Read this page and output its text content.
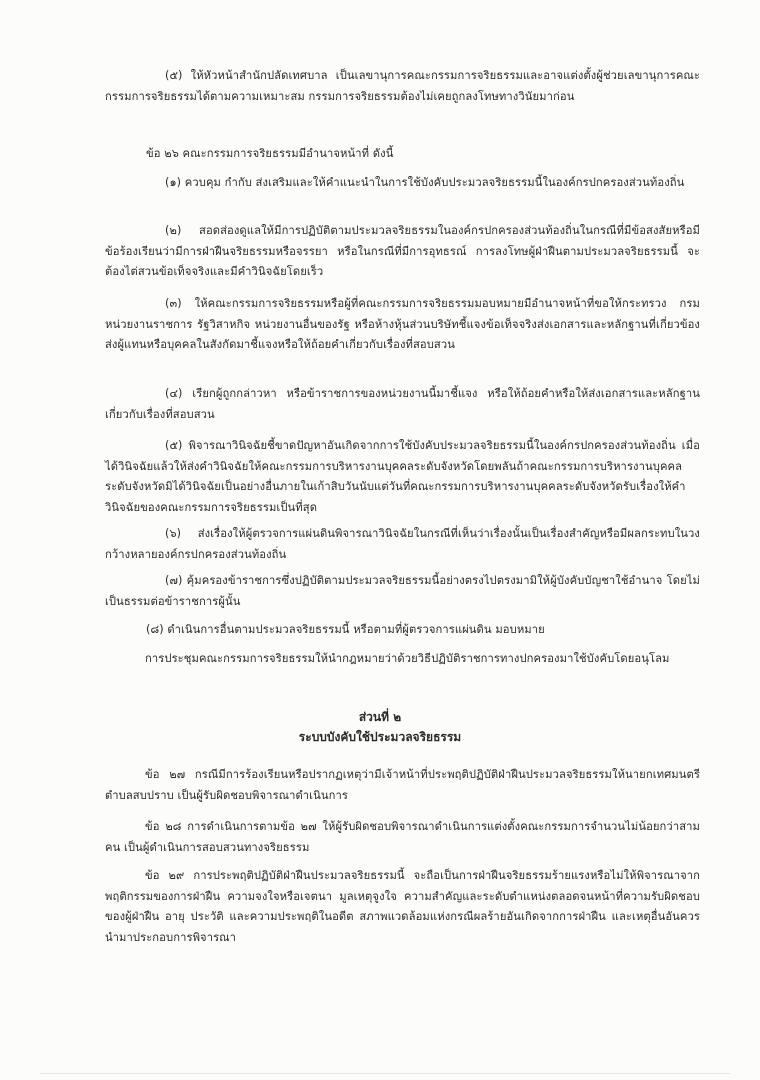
(๕) ให้หัวหน้าสำนักปลัดเทศบาล เป็นเลขานุการคณะกรรมการจริยธรรมและอาจแต่งตั้งผู้ช่วยเลขานุการคณะกรรมการจริยธรรมได้ตามความเหมาะสม กรรมการจริยธรรมต้องไม่เคยถูกลงโทษทางวินัยมาก่อน

ข้อ ๒๖ คณะกรรมการจริยธรรมมีอำนาจหน้าที่ ดังนี้

(๑) ควบคุม กำกับ ส่งเสริมและให้คำแนะนำในการใช้บังคับประมวลจริยธรรมนี้ในองค์กรปกครองส่วนท้องถิ่น

(๒) สอดส่องดูแลให้มีการปฏิบัติตามประมวลจริยธรรมในองค์กรปกครองส่วนท้องถิ่นในกรณีที่มีข้อสงสัยหรือมีข้อร้องเรียนว่ามีการฝ่าฝืนจริยธรรมหรือจรรยา หรือในกรณีที่มีการอุทธรณ์ การลงโทษผู้ฝ่าฝืนตามประมวลจริยธรรมนี้ จะต้องไต่สวนข้อเท็จจริงและมีคำวินิจฉัยโดยเร็ว

(๓) ให้คณะกรรมการจริยธรรมหรือผู้ที่คณะกรรมการจริยธรรมมอบหมายมีอำนาจหน้าที่ขอให้กระทรวง กรม หน่วยงานราชการ รัฐวิสาหกิจ หน่วยงานอื่นของรัฐ หรือห้างหุ้นส่วนบริษัทชี้แจงข้อเท็จจริงส่งเอกสารและหลักฐานที่เกี่ยวข้อง ส่งผู้แทนหรือบุคคลในสังกัดมาชี้แจงหรือให้ถ้อยคำเกี่ยวกับเรื่องที่สอบสวน

(๔) เรียกผู้ถูกกล่าวหา หรือข้าราชการของหน่วยงานนี้มาชี้แจง หรือให้ถ้อยคำหรือให้ส่งเอกสารและหลักฐานเกี่ยวกับเรื่องที่สอบสวน

(๕) พิจารณาวินิจฉัยชี้ขาดปัญหาอันเกิดจากการใช้บังคับประมวลจริยธรรมนี้ในองค์กรปกครองส่วนท้องถิ่น เมื่อได้วินิจฉัยแล้วให้ส่งคำวินิจฉัยให้คณะกรรมการบริหารงานบุคคลระดับจังหวัดโดยพลันถ้าคณะกรรมการบริหารงานบุคคลระดับจังหวัดมิได้วินิจฉัยเป็นอย่างอื่นภายในเก้าสิบวันนับแต่วันที่คณะกรรมการบริหารงานบุคคลระดับจังหวัดรับเรื่องให้คำวินิจฉัยของคณะกรรมการจริยธรรมเป็นที่สุด

(๖) ส่งเรื่องให้ผู้ตรวจการแผ่นดินพิจารณาวินิจฉัยในกรณีที่เห็นว่าเรื่องนั้นเป็นเรื่องสำคัญหรือมีผลกระทบในวงกว้างหลายองค์กรปกครองส่วนท้องถิ่น

(๗) คุ้มครองข้าราชการซึ่งปฏิบัติตามประมวลจริยธรรมนี้อย่างตรงไปตรงมามิให้ผู้บังคับบัญชาใช้อำนาจ โดยไม่เป็นธรรมต่อข้าราชการผู้นั้น

(๘) ดำเนินการอื่นตามประมวลจริยธรรมนี้ หรือตามที่ผู้ตรวจการแผ่นดิน มอบหมาย

การประชุมคณะกรรมการจริยธรรมให้นำกฎหมายว่าด้วยวิธีปฏิบัติราชการทางปกครองมาใช้บังคับโดยอนุโลม

ส่วนที่ ๒

ระบบบังคับใช้ประมวลจริยธรรม

ข้อ ๒๗ กรณีมีการร้องเรียนหรือปรากฏเหตุว่ามีเจ้าหน้าที่ประพฤติปฏิบัติฝ่าฝืนประมวลจริยธรรมให้นายกเทศมนตรีตำบลสบปราบ เป็นผู้รับผิดชอบพิจารณาดำเนินการ

ข้อ ๒๘ การดำเนินการตามข้อ ๒๗ ให้ผู้รับผิดชอบพิจารณาดำเนินการแต่งตั้งคณะกรรมการจำนวนไม่น้อยกว่าสามคน เป็นผู้ดำเนินการสอบสวนทางจริยธรรม

ข้อ ๒๙ การประพฤติปฏิบัติฝ่าฝืนประมวลจริยธรรมนี้ จะถือเป็นการฝ่าฝืนจริยธรรมร้ายแรงหรือไม่ให้พิจารณาจากพฤติกรรมของการฝ่าฝืน ความจงใจหรือเจตนา มูลเหตุจูงใจ ความสำคัญและระดับตำแหน่งตลอดจนหน้าที่ความรับผิดชอบของผู้ฝ่าฝืน อายุ ประวัติ และความประพฤติในอดีต สภาพแวดล้อมแห่งกรณีผลร้ายอันเกิดจากการฝ่าฝืน และเหตุอื่นอันควรนำมาประกอบการพิจารณา
